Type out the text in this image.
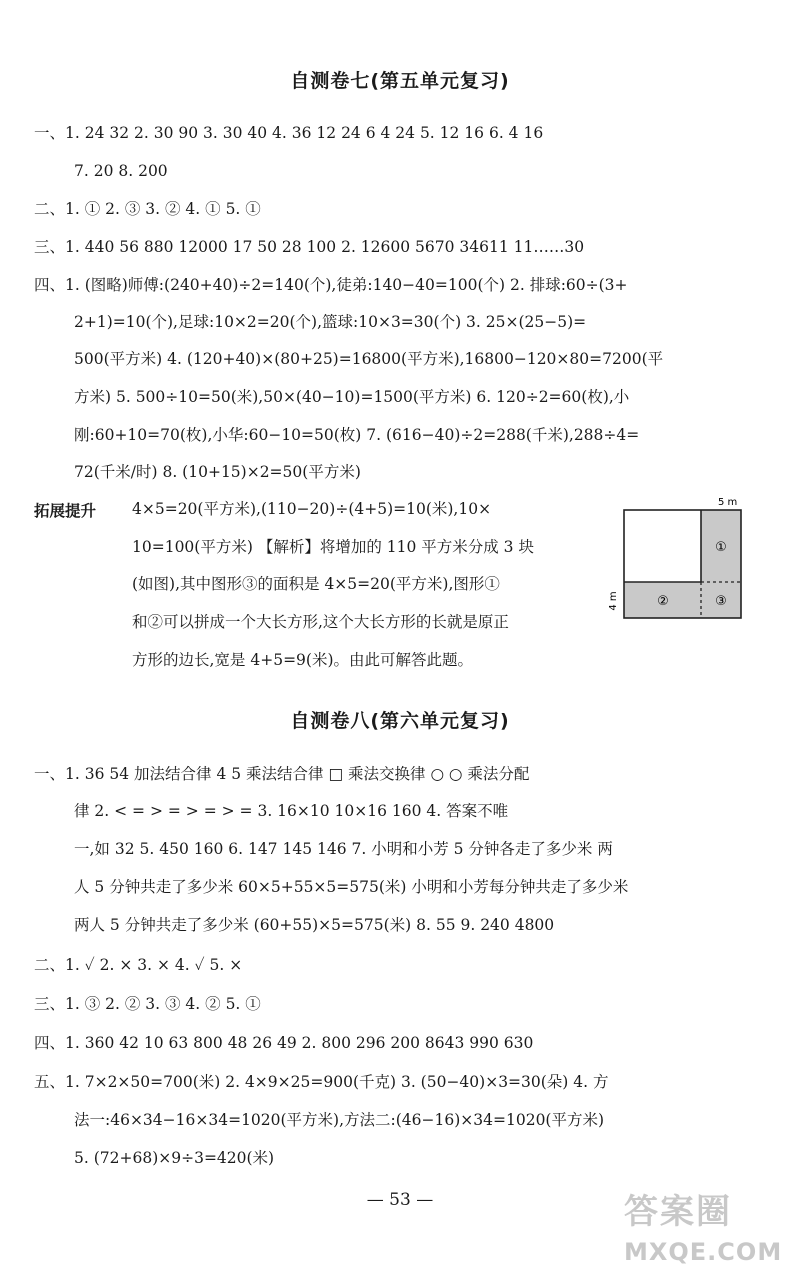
自测卷七(第五单元复习)
一、1. 24 32 2. 30 90 3. 30 40 4. 36 12 24 6 4 24 5. 12 16 6. 4 16
7. 20 8. 200
二、1. ① 2. ③ 3. ② 4. ① 5. ①
三、1. 440 56 880 12000 17 50 28 100 2. 12600 5670 34611 11……30
四、1. (图略)师傅:(240+40)÷2=140(个),徒弟:140−40=100(个) 2. 排球:60÷(3+
2+1)=10(个),足球:10×2=20(个),篮球:10×3=30(个) 3. 25×(25−5)=
500(平方米) 4. (120+40)×(80+25)=16800(平方米),16800−120×80=7200(平
方米) 5. 500÷10=50(米),50×(40−10)=1500(平方米) 6. 120÷2=60(枚),小
刚:60+10=70(枚),小华:60−10=50(枚) 7. (616−40)÷2=288(千米),288÷4=
72(千米/时) 8. (10+15)×2=50(平方米)
拓展提升 4×5=20(平方米),(110−20)÷(4+5)=10(米),10×
10=100(平方米) 【解析】将增加的 110 平方米分成 3 块
(如图),其中图形③的面积是 4×5=20(平方米),图形①
和②可以拼成一个大长方形,这个大长方形的长就是原正
方形的边长,宽是 4+5=9(米)。由此可解答此题。
5 m
4 m
①
②	③
自测卷八(第六单元复习)
一、1. 36 54 加法结合律 4 5 乘法结合律 □ 乘法交换律 ○ ○ 乘法分配
律 2. < = > = > = > = 3. 16×10 10×16 160 4. 答案不唯
一,如 32 5. 450 160 6. 147 145 146 7. 小明和小芳 5 分钟各走了多少米 两
人 5 分钟共走了多少米 60×5+55×5=575(米) 小明和小芳每分钟共走了多少米
两人 5 分钟共走了多少米 (60+55)×5=575(米) 8. 55 9. 240 4800
二、1. ✓ 2. × 3. × 4. ✓ 5. ×
三、1. ③ 2. ② 3. ③ 4. ② 5. ①
四、1. 360 42 10 63 800 48 26 49 2. 800 296 200 8643 990 630
五、1. 7×2×50=700(米) 2. 4×9×25=900(千克) 3. (50−40)×3=30(朵) 4. 方
法一:46×34−16×34=1020(平方米),方法二:(46−16)×34=1020(平方米)
5. (72+68)×9÷3=420(米)
— 53 —	答案圈
MXQE.COM
